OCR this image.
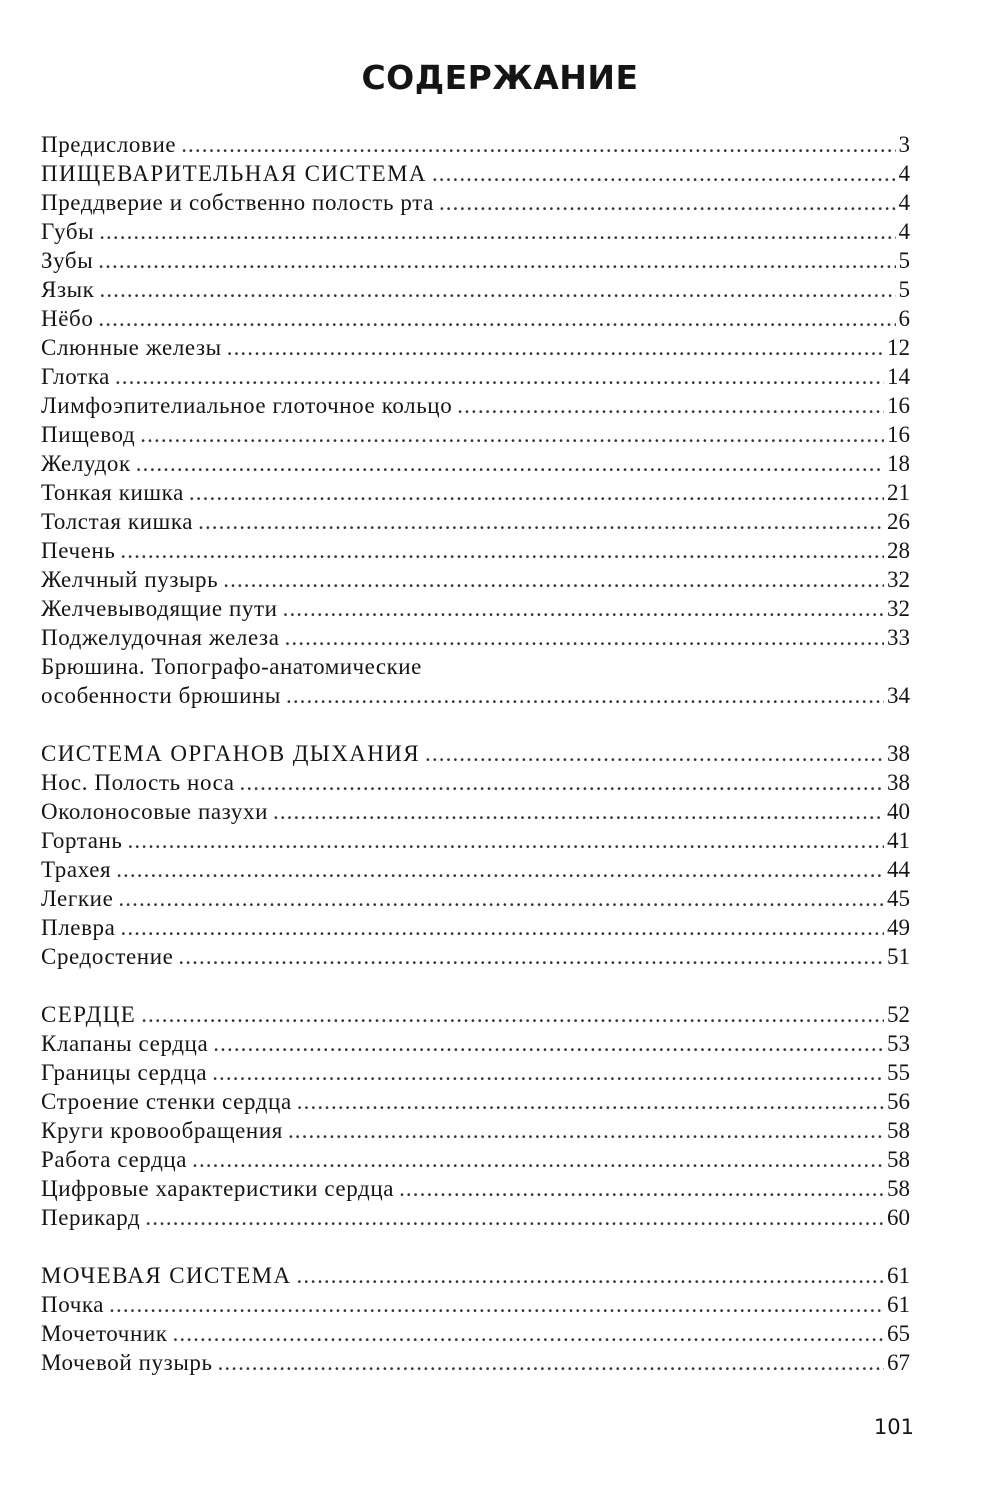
СОДЕРЖАНИЕ
Предисловие .....	3
ПИЩЕВАРИТЕЛЬНАЯ СИСТЕМА .....	4
Преддверие и собственно полость рта .....	4
Губы .....	4
Зубы .....	5
Язык .....	5
Нёбо .....	6
Слюнные железы .....	12
Глотка .....	14
Лимфоэпителиальное глоточное кольцо .....	16
Пищевод .....	16
Желудок .....	18
Тонкая кишка .....	21
Толстая кишка .....	26
Печень .....	28
Желчный пузырь .....	32
Желчевыводящие пути .....	32
Поджелудочная железа .....	33
Брюшина. Топографо-анатомические
особенности брюшины .....	34
СИСТЕМА ОРГАНОВ ДЫХАНИЯ .....	38
Нос. Полость носа .....	38
Околоносовые пазухи .....	40
Гортань .....	41
Трахея .....	44
Легкие .....	45
Плевра .....	49
Средостение .....	51
СЕРДЦЕ .....	52
Клапаны сердца .....	53
Границы сердца .....	55
Строение стенки сердца .....	56
Круги кровообращения .....	58
Работа сердца .....	58
Цифровые характеристики сердца .....	58
Перикард .....	60
МОЧЕВАЯ СИСТЕМА .....	61
Почка .....	61
Мочеточник .....	65
Мочевой пузырь .....	67

101
